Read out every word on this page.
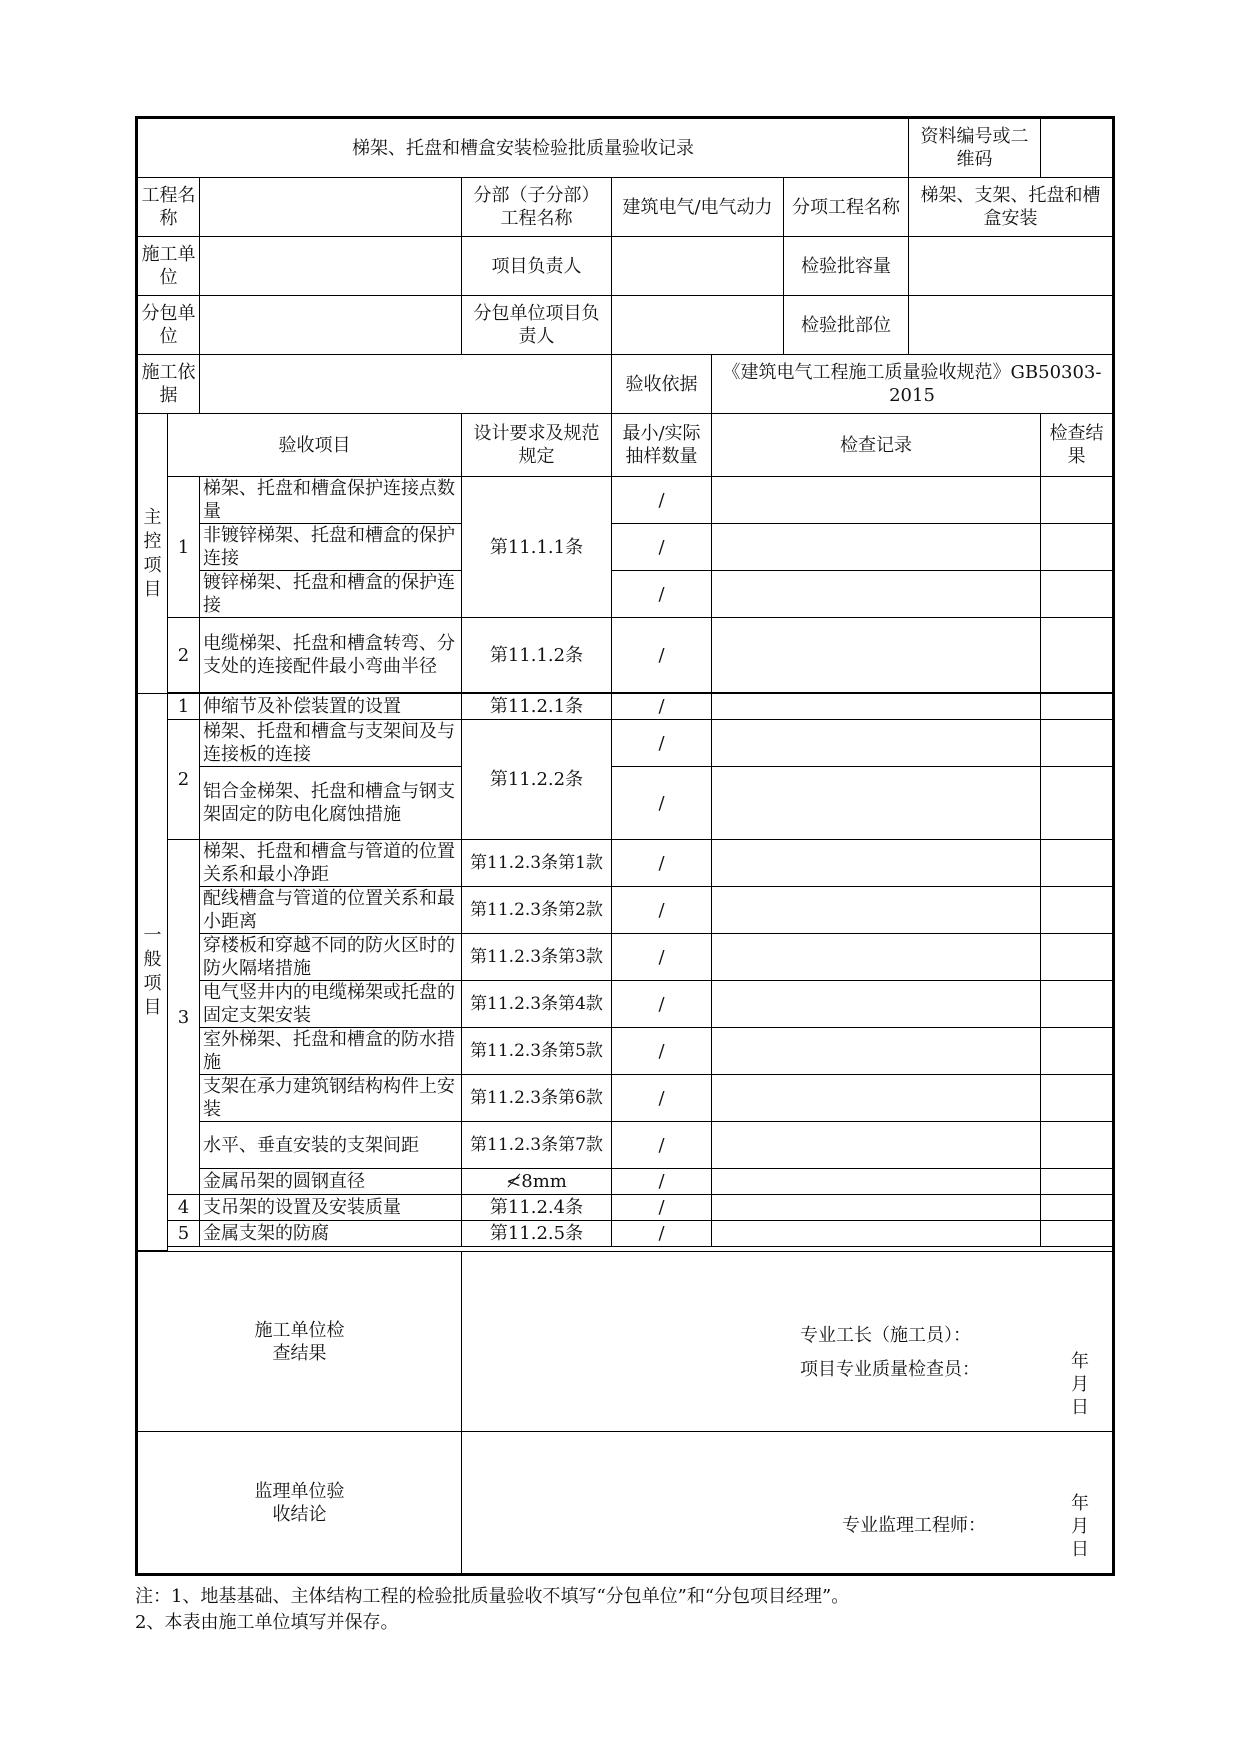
梯架、托盘和槽盒安装检验批质量验收记录							资料编号或二维码	
工程名称			分部（子分部）工程名称	建筑电气/电气动力		分项工程名称	梯架、支架、托盘和槽盒安装	
施工单位			项目负责人			检验批容量		
分包单位			分包单位项目负责人			检验批部位		
施工依据				验收依据	《建筑电气工程施工质量验收规范》GB50303-2015			
主控项目	验收项目		设计要求及规范规定	最小/实际抽样数量	检查记录			检查结果
	1	梯架、托盘和槽盒保护连接点数量	第11.1.1条	/				
		非镀锌梯架、托盘和槽盒的保护连接		/				
		镀锌梯架、托盘和槽盒的保护连接		/				
	2	电缆梯架、托盘和槽盒转弯、分支处的连接配件最小弯曲半径	第11.1.2条	/				

一般项目	1	伸缩节及补偿装置的设置	第11.2.1条	/				
	2	梯架、托盘和槽盒与支架间及与连接板的连接	第11.2.2条	/				
		铝合金梯架、托盘和槽盒与钢支架固定的防电化腐蚀措施		/				
	3	梯架、托盘和槽盒与管道的位置关系和最小净距	第11.2.3条第1款	/				
		配线槽盒与管道的位置关系和最小距离	第11.2.3条第2款	/				
		穿楼板和穿越不同的防火区时的防火隔堵措施	第11.2.3条第3款	/				
		电气竖井内的电缆梯架或托盘的固定支架安装	第11.2.3条第4款	/				
		室外梯架、托盘和槽盒的防水措施	第11.2.3条第5款	/				
		支架在承力建筑钢结构构件上安装	第11.2.3条第6款	/				
		水平、垂直安装的支架间距	第11.2.3条第7款	/				
		金属吊架的圆钢直径	≮8mm	/				
	4	支吊架的设置及安装质量	第11.2.4条	/				
	5	金属支架的防腐	第11.2.5条	/				

施工单位检查结果			专业工长（施工员）：
项目专业质量检查员： 年月日					

监理单位验收结论			专业监理工程师：
年月日					
注：1、地基基础、主体结构工程的检验批质量验收不填写“分包单位”和“分包项目经理”。
2、本表由施工单位填写并保存。
